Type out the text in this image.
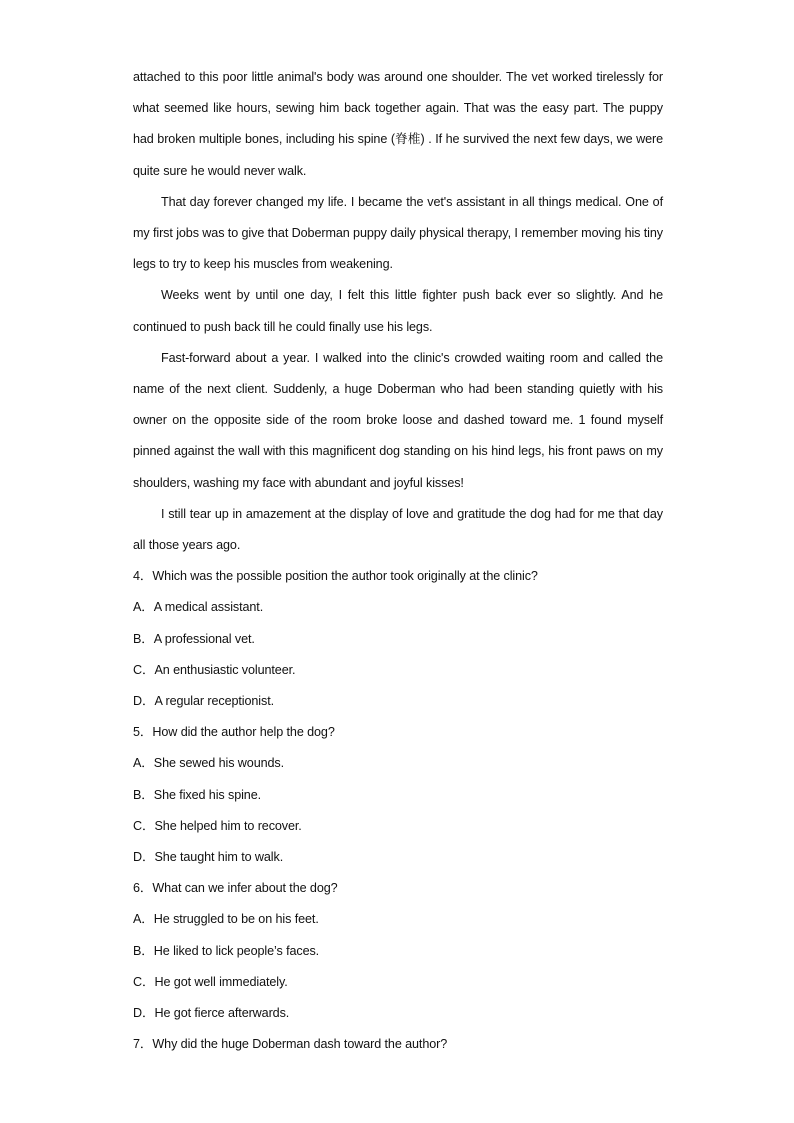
attached to this poor little animal's body was around one shoulder. The vet worked tirelessly for what seemed like hours, sewing him back together again. That was the easy part. The puppy had broken multiple bones, including his spine (脊椎) . If he survived the next few days, we were quite sure he would never walk.

That day forever changed my life. I became the vet's assistant in all things medical. One of my first jobs was to give that Doberman puppy daily physical therapy, I remember moving his tiny legs to try to keep his muscles from weakening.

Weeks went by until one day, I felt this little fighter push back ever so slightly. And he continued to push back till he could finally use his legs.

Fast-forward about a year. I walked into the clinic's crowded waiting room and called the name of the next client. Suddenly, a huge Doberman who had been standing quietly with his owner on the opposite side of the room broke loose and dashed toward me. 1 found myself pinned against the wall with this magnificent dog standing on his hind legs, his front paws on my shoulders, washing my face with abundant and joyful kisses!

I still tear up in amazement at the display of love and gratitude the dog had for me that day all those years ago.

4．Which was the possible position the author took originally at the clinic?

A．A medical assistant.

B．A professional vet.

C．An enthusiastic volunteer.

D．A regular receptionist.

5．How did the author help the dog?

A．She sewed his wounds.

B．She fixed his spine.

C．She helped him to recover.

D．She taught him to walk.

6．What can we infer about the dog?

A．He struggled to be on his feet.

B．He liked to lick people’s faces.

C．He got well immediately.

D．He got fierce afterwards.

7．Why did the huge Doberman dash toward the author?
